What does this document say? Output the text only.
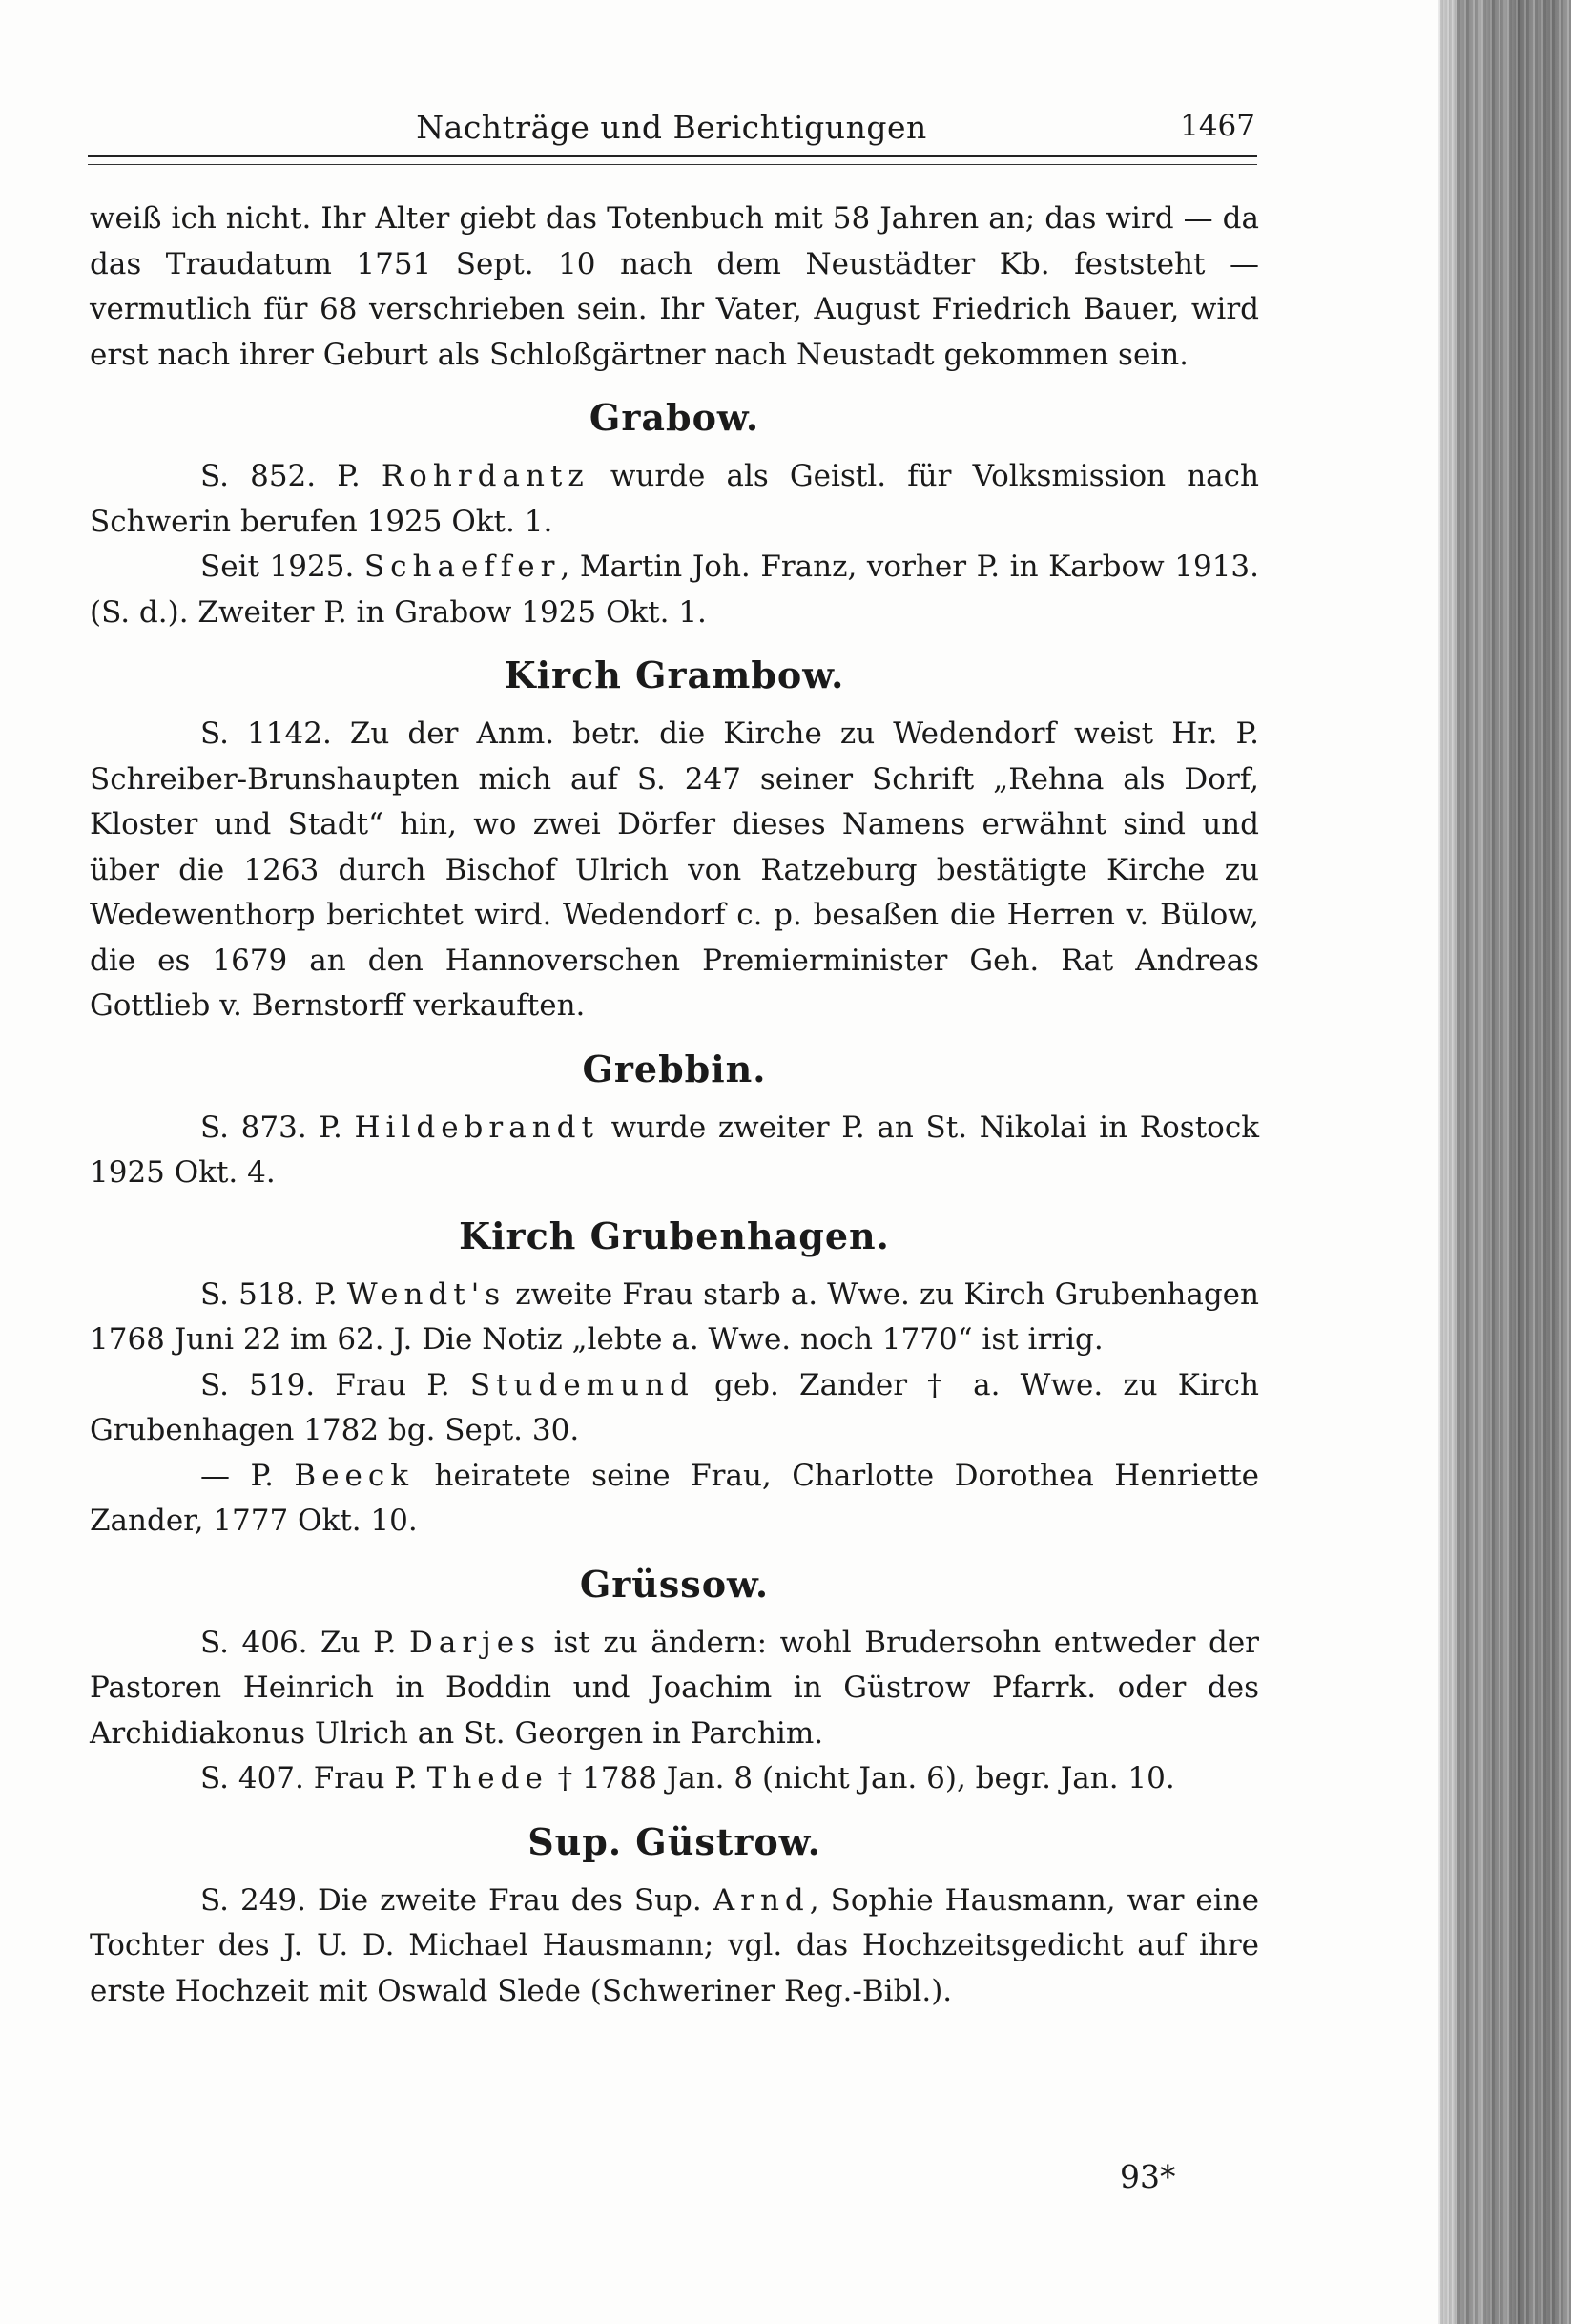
Nachträge und Berichtigungen	1467

weiß ich nicht. Ihr Alter giebt das Totenbuch mit 58 Jahren an; das wird — da das Traudatum 1751 Sept. 10 nach dem Neustädter Kb. feststeht — vermutlich für 68 verschrieben sein. Ihr Vater, August Friedrich Bauer, wird erst nach ihrer Geburt als Schloßgärtner nach Neustadt gekommen sein.

Grabow.

S. 852. P. Rohrdantz wurde als Geistl. für Volksmission nach Schwerin berufen 1925 Okt. 1.

Seit 1925. Schaeffer, Martin Joh. Franz, vorher P. in Karbow 1913. (S. d.). Zweiter P. in Grabow 1925 Okt. 1.

Kirch Grambow.

S. 1142. Zu der Anm. betr. die Kirche zu Wedendorf weist Hr. P. Schreiber-Brunshaupten mich auf S. 247 seiner Schrift „Rehna als Dorf, Kloster und Stadt“ hin, wo zwei Dörfer dieses Namens erwähnt sind und über die 1263 durch Bischof Ulrich von Ratzeburg bestätigte Kirche zu Wedewenthorp berichtet wird. Wedendorf c. p. besaßen die Herren v. Bülow, die es 1679 an den Hannoverschen Premierminister Geh. Rat Andreas Gottlieb v. Bernstorff verkauften.

Grebbin.

S. 873. P. Hildebrandt wurde zweiter P. an St. Nikolai in Rostock 1925 Okt. 4.

Kirch Grubenhagen.

S. 518. P. Wendt's zweite Frau starb a. Wwe. zu Kirch Grubenhagen 1768 Juni 22 im 62. J. Die Notiz „lebte a. Wwe. noch 1770“ ist irrig.

S. 519. Frau P. Studemund geb. Zander † a. Wwe. zu Kirch Grubenhagen 1782 bg. Sept. 30.

— P. Beeck heiratete seine Frau, Charlotte Dorothea Henriette Zander, 1777 Okt. 10.

Grüssow.

S. 406. Zu P. Darjes ist zu ändern: wohl Brudersohn entweder der Pastoren Heinrich in Boddin und Joachim in Güstrow Pfarrk. oder des Archidiakonus Ulrich an St. Georgen in Parchim.

S. 407. Frau P. Thede † 1788 Jan. 8 (nicht Jan. 6), begr. Jan. 10.

Sup. Güstrow.

S. 249. Die zweite Frau des Sup. Arnd, Sophie Hausmann, war eine Tochter des J. U. D. Michael Hausmann; vgl. das Hochzeitsgedicht auf ihre erste Hochzeit mit Oswald Slede (Schweriner Reg.-Bibl.).

93*
